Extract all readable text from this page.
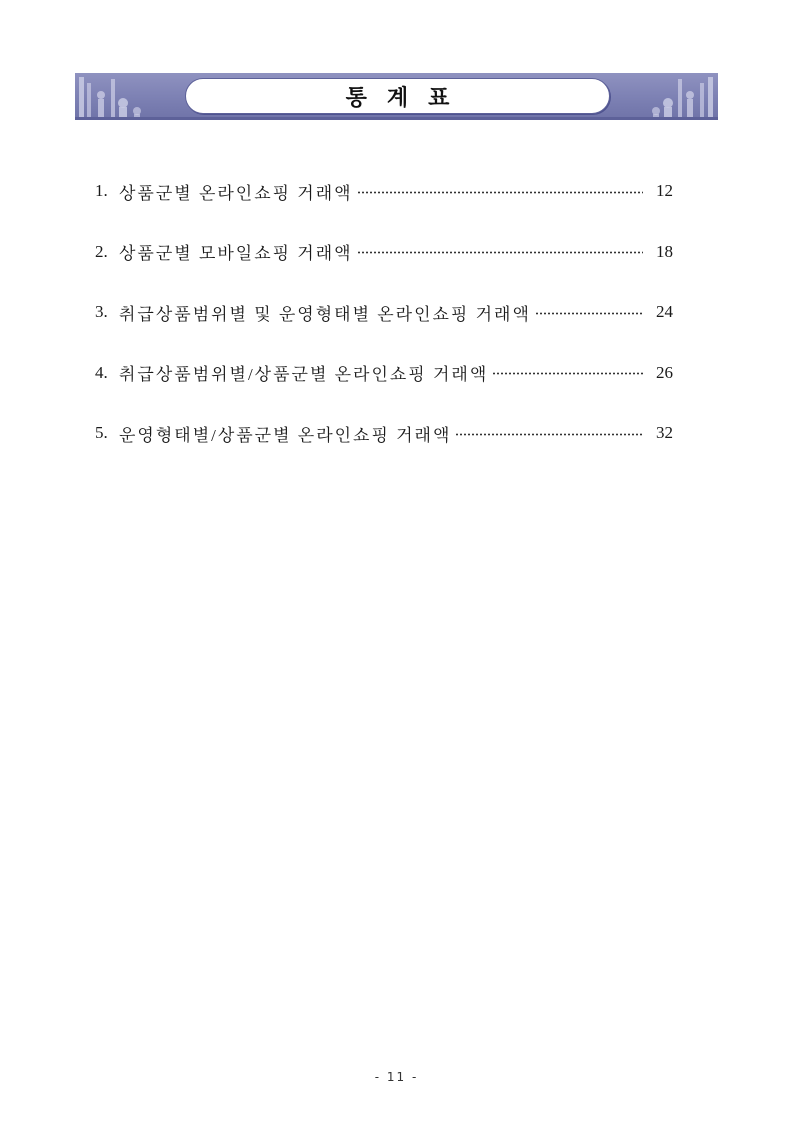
통계표
1. 상품군별 온라인쇼핑 거래액	12
2. 상품군별 모바일쇼핑 거래액	18
3. 취급상품범위별 및 운영형태별 온라인쇼핑 거래액	24
4. 취급상품범위별/상품군별 온라인쇼핑 거래액	26
5. 운영형태별/상품군별 온라인쇼핑 거래액	32
- 11 -
